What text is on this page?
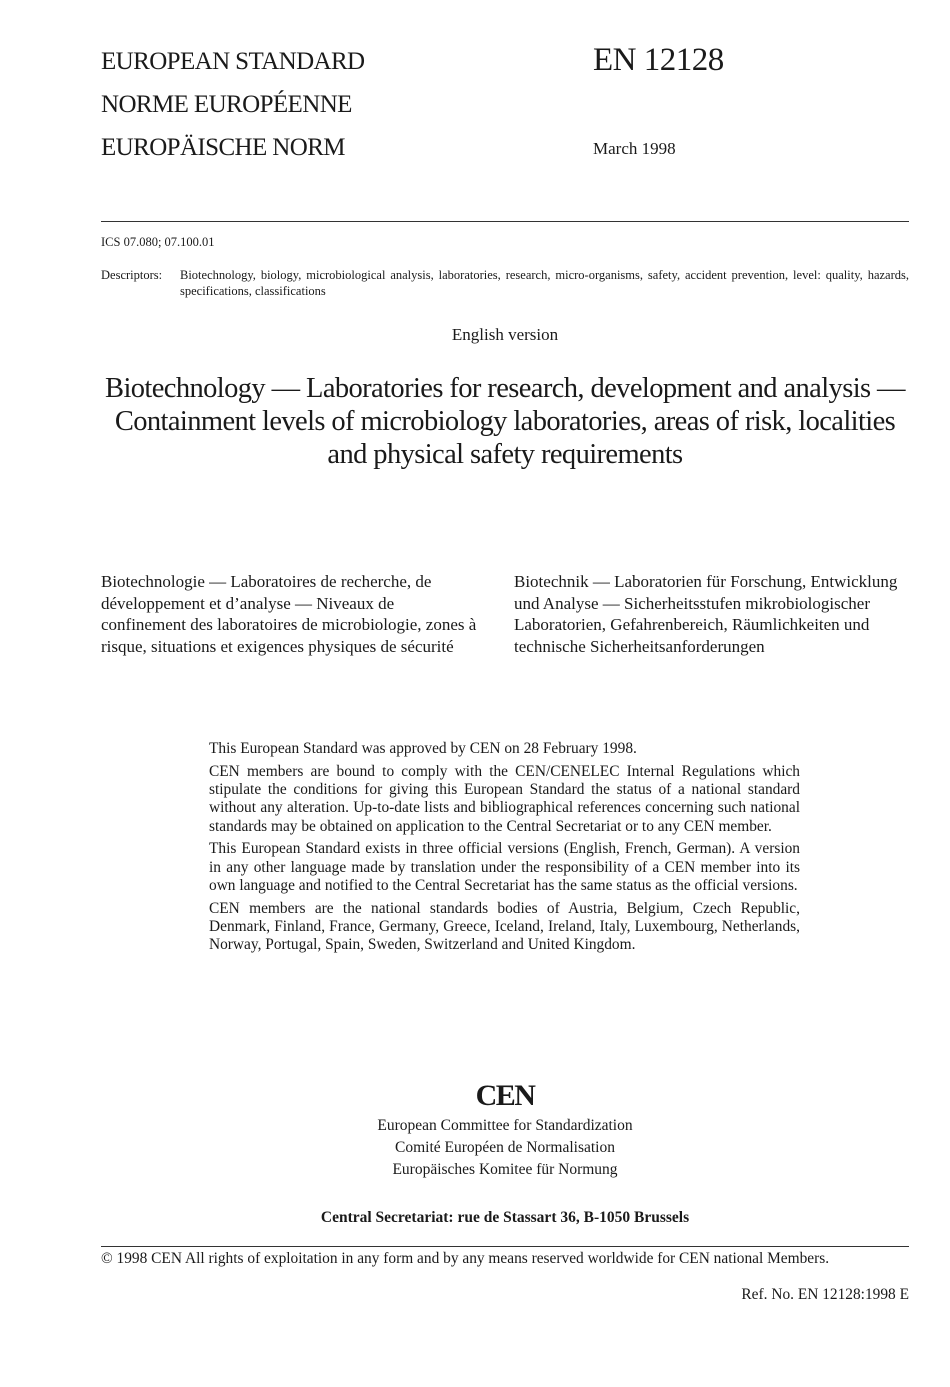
EUROPEAN STANDARD
NORME EUROPÉENNE
EUROPÄISCHE NORM
EN 12128
March 1998
ICS 07.080; 07.100.01
Descriptors: Biotechnology, biology, microbiological analysis, laboratories, research, micro-organisms, safety, accident prevention, level: quality, hazards, specifications, classifications
English version
Biotechnology — Laboratories for research, development and analysis — Containment levels of microbiology laboratories, areas of risk, localities and physical safety requirements
Biotechnologie — Laboratoires de recherche, de développement et d’analyse — Niveaux de confinement des laboratoires de microbiologie, zones à risque, situations et exigences physiques de sécurité
Biotechnik — Laboratorien für Forschung, Entwicklung und Analyse — Sicherheitsstufen mikrobiologischer Laboratorien, Gefahrenbereich, Räumlichkeiten und technische Sicherheitsanforderungen

This European Standard was approved by CEN on 28 February 1998.

CEN members are bound to comply with the CEN/CENELEC Internal Regulations which stipulate the conditions for giving this European Standard the status of a national standard without any alteration. Up-to-date lists and bibliographical references concerning such national standards may be obtained on application to the Central Secretariat or to any CEN member.

This European Standard exists in three official versions (English, French, German). A version in any other language made by translation under the responsibility of a CEN member into its own language and notified to the Central Secretariat has the same status as the official versions.

CEN members are the national standards bodies of Austria, Belgium, Czech Republic, Denmark, Finland, France, Germany, Greece, Iceland, Ireland, Italy, Luxembourg, Netherlands, Norway, Portugal, Spain, Sweden, Switzerland and United Kingdom.

CEN
European Committee for Standardization
Comité Européen de Normalisation
Europäisches Komitee für Normung
Central Secretariat: rue de Stassart 36, B-1050 Brussels
© 1998 CEN All rights of exploitation in any form and by any means reserved worldwide for CEN national Members.
Ref. No. EN 12128:1998 E
